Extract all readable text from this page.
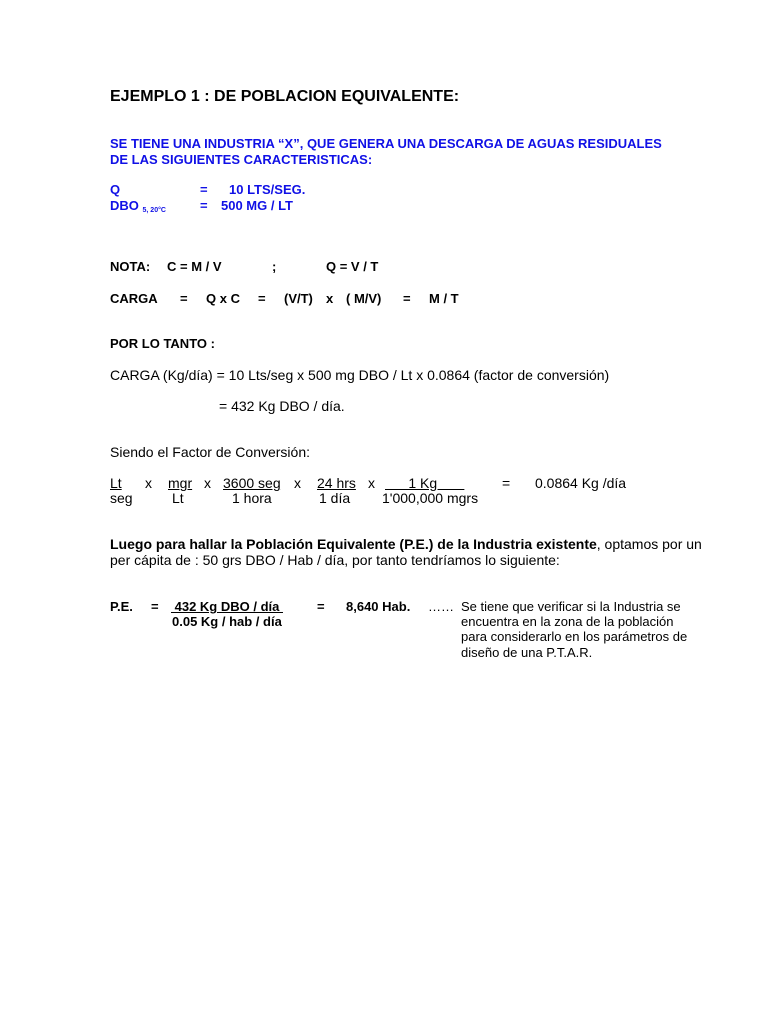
EJEMPLO 1 : DE POBLACION EQUIVALENTE:
SE TIENE UNA INDUSTRIA “X”, QUE GENERA UNA DESCARGA DE AGUAS RESIDUALES
DE LAS SIGUIENTES CARACTERISTICAS:
Q	= 10 LTS/SEG.
DBO $_{5, 20^\circ C}$	= 500 MG / LT
NOTA: C = M / V	;	Q = V / T
CARGA = Q x C = (V/T) x ( M/V) = M / T
POR LO TANTO :
CARGA (Kg/día) = 10 Lts/seg x 500 mg DBO / Lt x 0.0864 (factor de conversión)
= 432 Kg DBO / día.
Siendo el Factor de Conversión:
Lt
seg
x mgr
Lt
x 3600 seg
1 hora
x 24 hrs
1 día
x 1 Kg
1'000,000 mgrs
= 0.0864 Kg /día
Luego para hallar la Población Equivalente (P.E.) de la Industria existente, optamos por un
per cápita de : 50 grs DBO / Hab / día, por tanto tendríamos lo siguiente:
P.E. = 432 Kg DBO / día
0.05 Kg / hab / día
= 8,640 Hab. …… Se tiene que verificar si la Industria se
encuentra en la zona de la población
para considerarlo en los parámetros de
diseño de una P.T.A.R.
